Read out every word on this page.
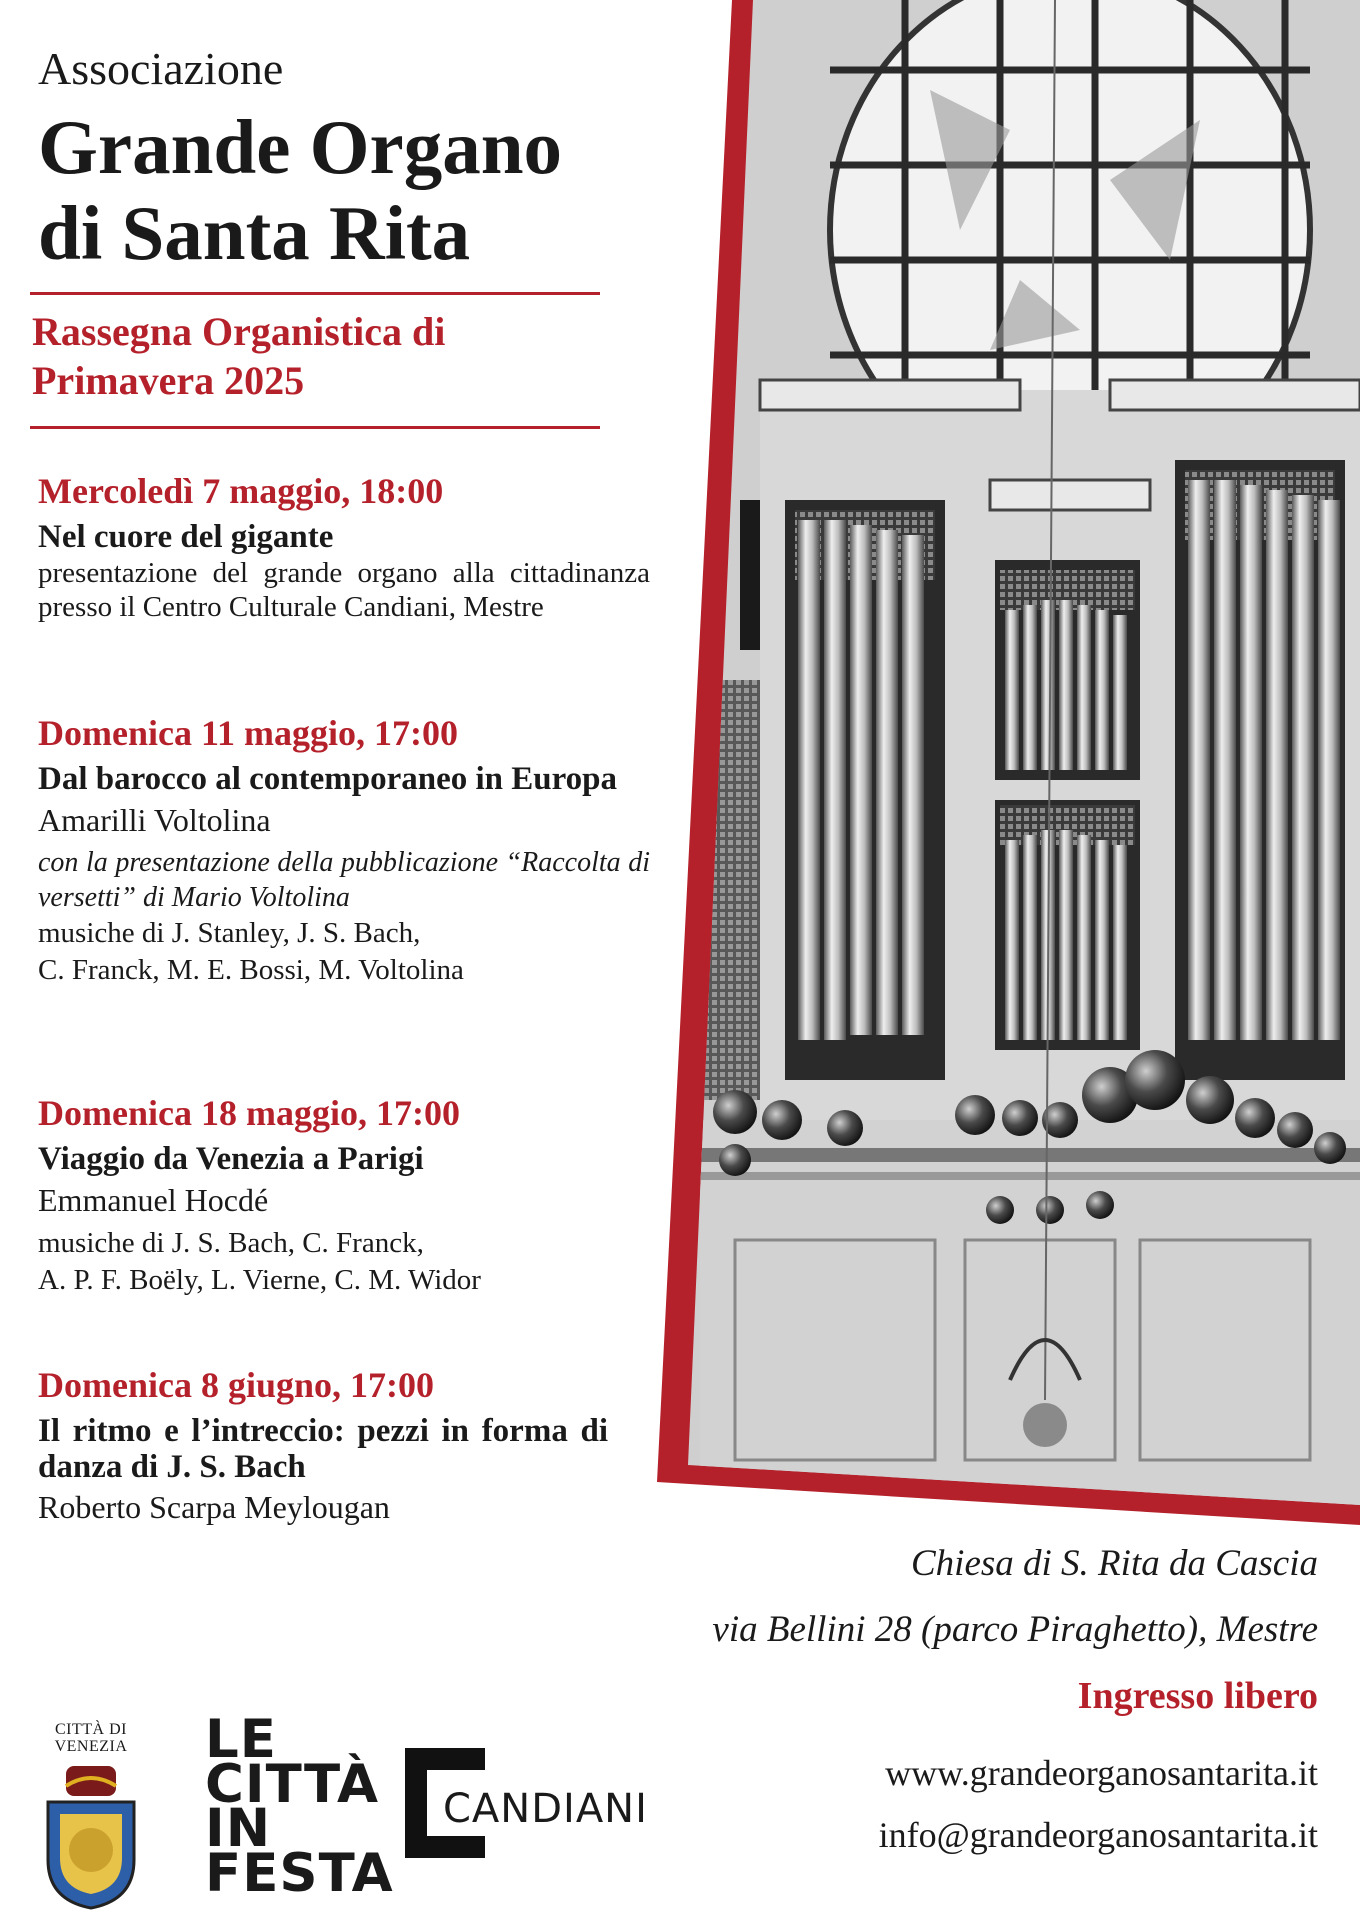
Associazione
Grande Organo
di Santa Rita
Rassegna Organistica di
Primavera 2025
Mercoledì 7 maggio, 18:00
Nel cuore del gigante
presentazione del grande organo alla cittadinanza presso il Centro Culturale Candiani, Mestre
Domenica 11 maggio, 17:00
Dal barocco al contemporaneo in Europa
Amarilli Voltolina
con la presentazione della pubblicazione “Raccolta di versetti” di Mario Voltolina
musiche di J. Stanley, J. S. Bach,
C. Franck, M. E. Bossi, M. Voltolina
Domenica 18 maggio, 17:00
Viaggio da Venezia a Parigi
Emmanuel Hocdé
musiche di J. S. Bach, C. Franck,
A. P. F. Boëly, L. Vierne, C. M. Widor
Domenica 8 giugno, 17:00
Il ritmo e l’intreccio: pezzi in forma di danza di J. S. Bach
Roberto Scarpa Meylougan
Chiesa di S. Rita da Cascia
via Bellini 28 (parco Piraghetto), Mestre
Ingresso libero
www.grandeorganosantarita.it
info@grandeorganosantarita.it
CITTÀ DI
VENEZIA	LE
CITTÀ
IN
FESTA
CANDIANI
